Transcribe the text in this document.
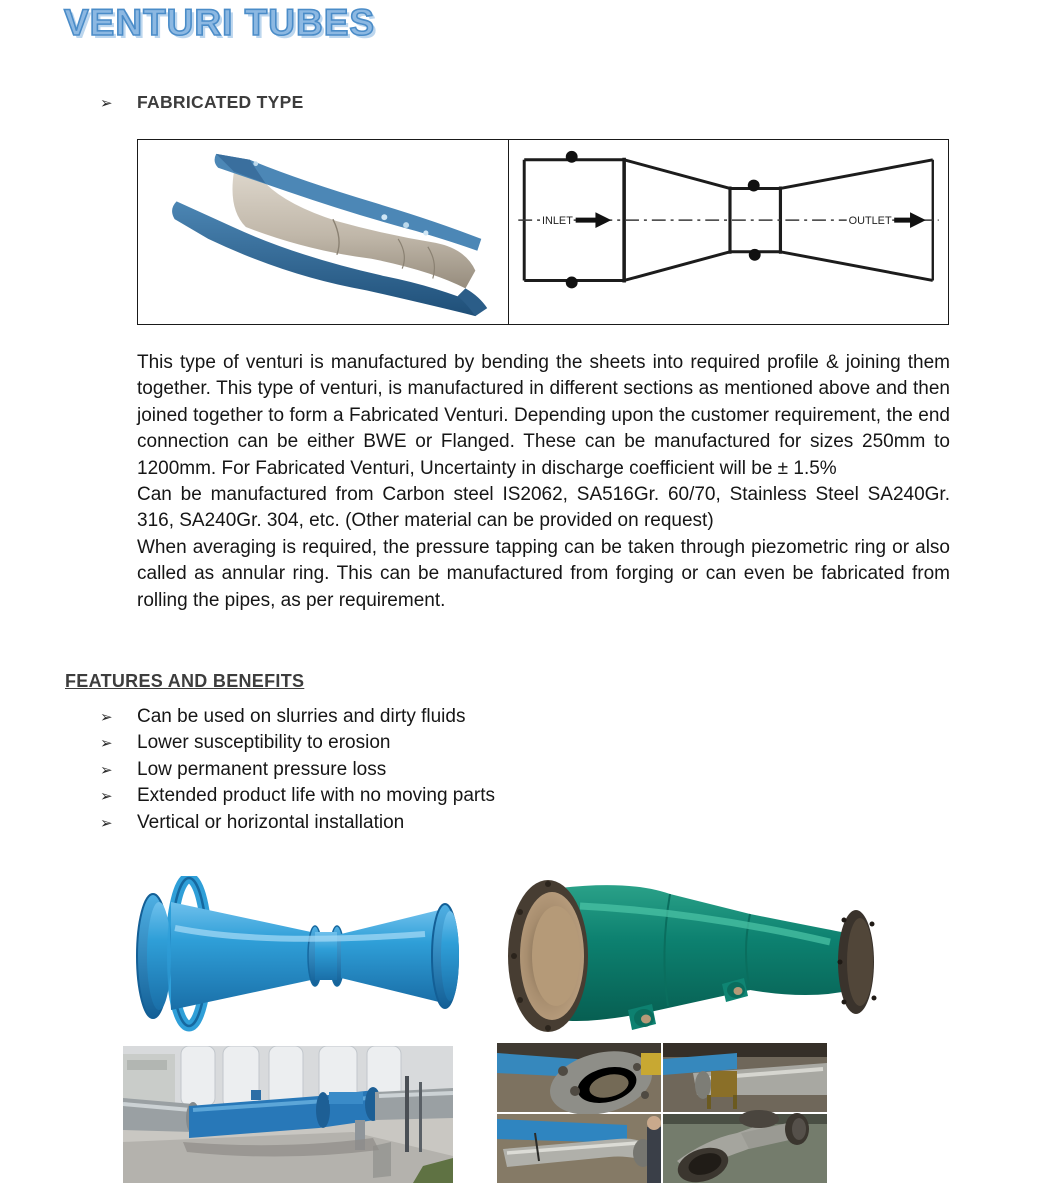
VENTURI TUBES
➢	FABRICATED TYPE
INLET	OUTLET

This type of venturi is manufactured by bending the sheets into required profile & joining them together. This type of venturi, is manufactured in different sections as mentioned above and then joined together to form a Fabricated Venturi. Depending upon the customer requirement, the end connection can be either BWE or Flanged. These can be manufactured for sizes 250mm to 1200mm. For Fabricated Venturi, Uncertainty in discharge coefficient will be ± 1.5%

Can be manufactured from Carbon steel IS2062, SA516Gr. 60/70, Stainless Steel SA240Gr. 316, SA240Gr. 304, etc. (Other material can be provided on request)

When averaging is required, the pressure tapping can be taken through piezometric ring or also called as annular ring. This can be manufactured from forging or can even be fabricated from rolling the pipes, as per requirement.

FEATURES AND BENEFITS
➢	Can be used on slurries and dirty fluids
➢	Lower susceptibility to erosion
➢	Low permanent pressure loss
➢	Extended product life with no moving parts
➢	Vertical or horizontal installation
